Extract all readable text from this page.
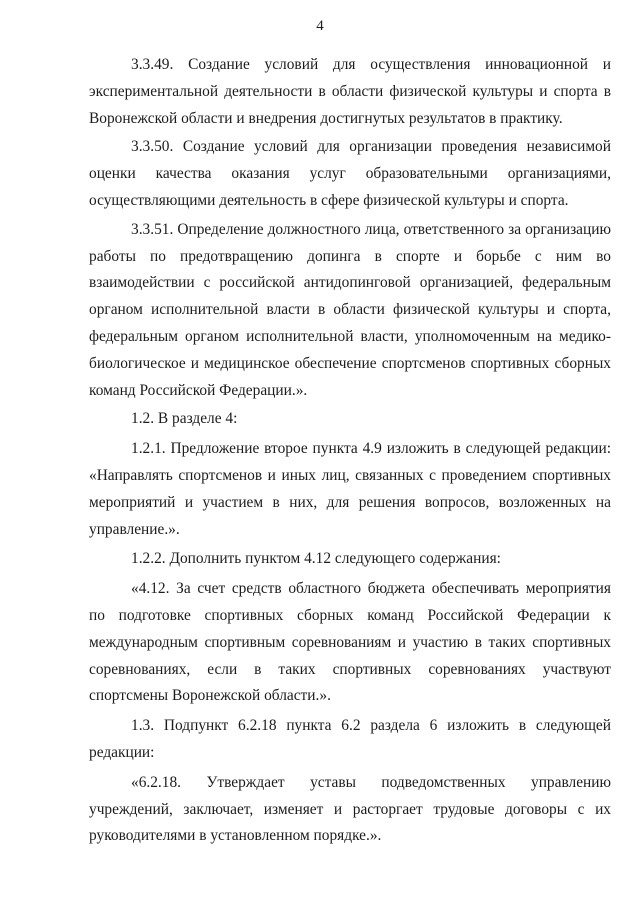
4

3.3.49. Создание условий для осуществления инновационной и экспериментальной деятельности в области физической культуры и спорта в Воронежской области и внедрения достигнутых результатов в практику.

3.3.50. Создание условий для организации проведения независимой оценки качества оказания услуг образовательными организациями, осуществляющими деятельность в сфере физической культуры и спорта.

3.3.51. Определение должностного лица, ответственного за организацию работы по предотвращению допинга в спорте и борьбе с ним во взаимодействии с российской антидопинговой организацией, федеральным органом исполнительной власти в области физической культуры и спорта, федеральным органом исполнительной власти, уполномоченным на медико-биологическое и медицинское обеспечение спортсменов спортивных сборных команд Российской Федерации.».

1.2. В разделе 4:

1.2.1. Предложение второе пункта 4.9 изложить в следующей редакции: «Направлять спортсменов и иных лиц, связанных с проведением спортивных мероприятий и участием в них, для решения вопросов, возложенных на управление.».

1.2.2. Дополнить пунктом 4.12 следующего содержания:

«4.12. За счет средств областного бюджета обеспечивать мероприятия по подготовке спортивных сборных команд Российской Федерации к международным спортивным соревнованиям и участию в таких спортивных соревнованиях, если в таких спортивных соревнованиях участвуют спортсмены Воронежской области.».

1.3. Подпункт 6.2.18 пункта 6.2 раздела 6 изложить в следующей редакции:

«6.2.18. Утверждает уставы подведомственных управлению учреждений, заключает, изменяет и расторгает трудовые договоры с их руководителями в установленном порядке.».
